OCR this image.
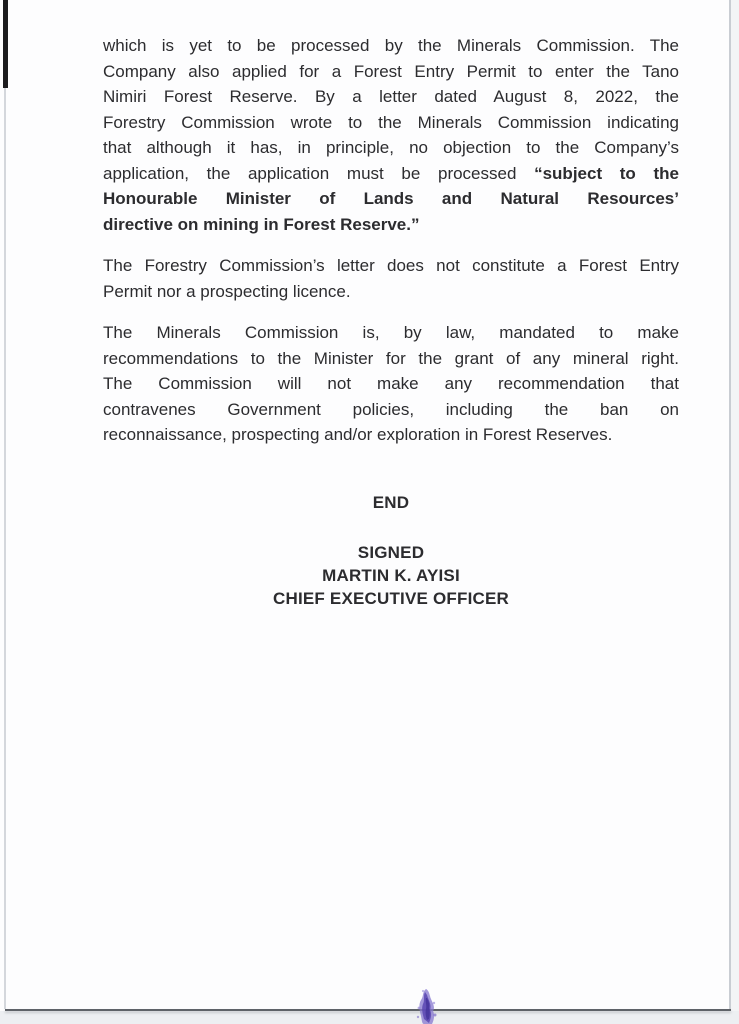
which is yet to be processed by the Minerals Commission. The
Company also applied for a Forest Entry Permit to enter the Tano
Nimiri Forest Reserve. By a letter dated August 8, 2022, the
Forestry Commission wrote to the Minerals Commission indicating
that although it has, in principle, no objection to the Company’s
application, the application must be processed “subject to the
Honourable Minister of Lands and Natural Resources’
directive on mining in Forest Reserve.”
The Forestry Commission’s letter does not constitute a Forest Entry
Permit nor a prospecting licence.
The Minerals Commission is, by law, mandated to make
recommendations to the Minister for the grant of any mineral right.
The Commission will not make any recommendation that
contravenes Government policies, including the ban on
reconnaissance, prospecting and/or exploration in Forest Reserves.
END
SIGNED
MARTIN K. AYISI
CHIEF EXECUTIVE OFFICER
